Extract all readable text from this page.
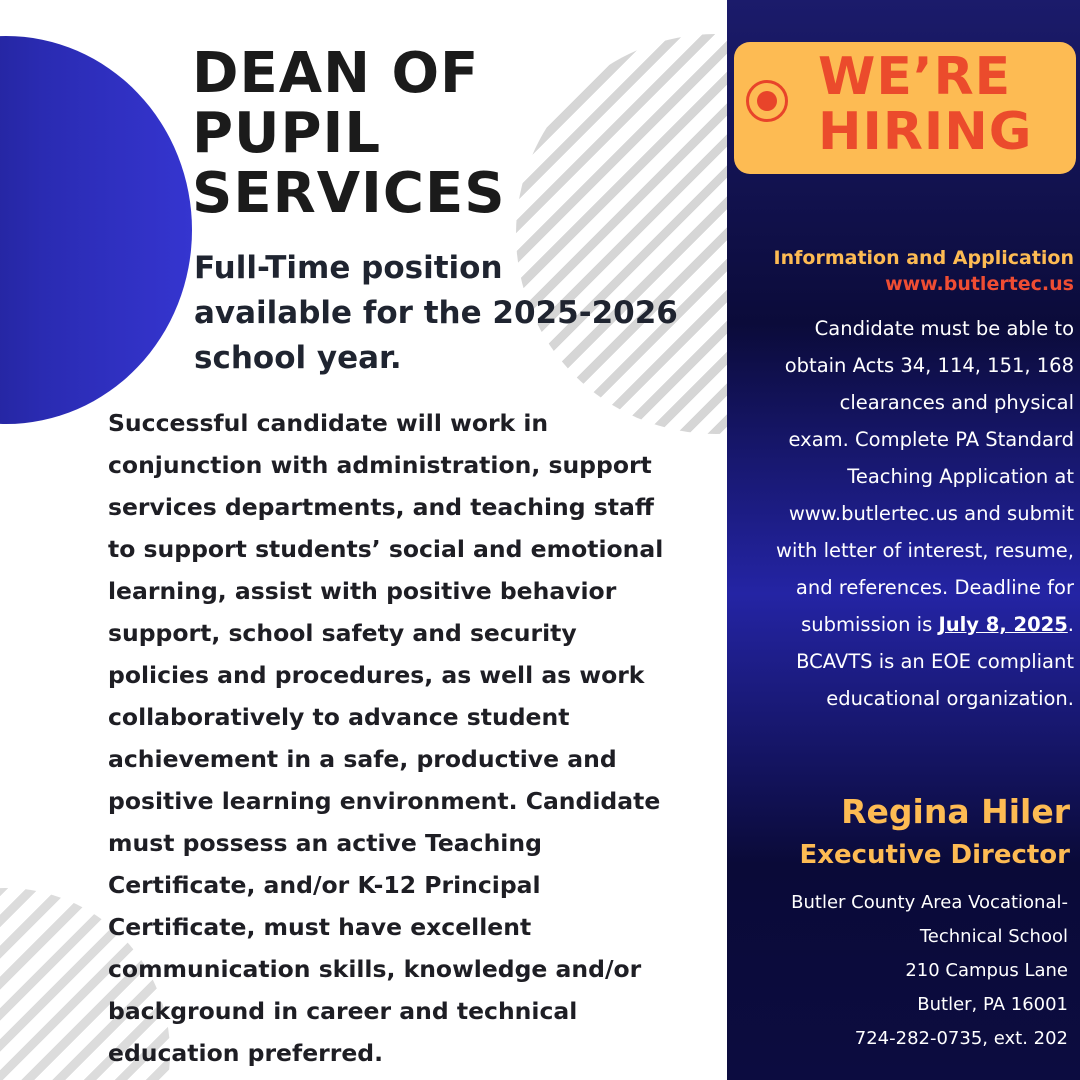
DEAN OF
PUPIL
SERVICES
Full-Time position
available for the 2025-2026
school year.
Successful candidate will work in
conjunction with administration, support
services departments, and teaching staff
to support students’ social and emotional
learning, assist with positive behavior
support, school safety and security
policies and procedures, as well as work
collaboratively to advance student
achievement in a safe, productive and
positive learning environment. Candidate
must possess an active Teaching
Certificate, and/or K-12 Principal
Certificate, must have excellent
communication skills, knowledge and/or
background in career and technical
education preferred.
WE’RE
HIRING
Information and Application
www.butlertec.us
Candidate must be able to
obtain Acts 34, 114, 151, 168
clearances and physical
exam. Complete PA Standard
Teaching Application at
www.butlertec.us and submit
with letter of interest, resume,
and references. Deadline for
submission is July 8, 2025.
BCAVTS is an EOE compliant
educational organization.
Regina Hiler
Executive Director
Butler County Area Vocational-
Technical School
210 Campus Lane
Butler, PA 16001
724-282-0735, ext. 202
